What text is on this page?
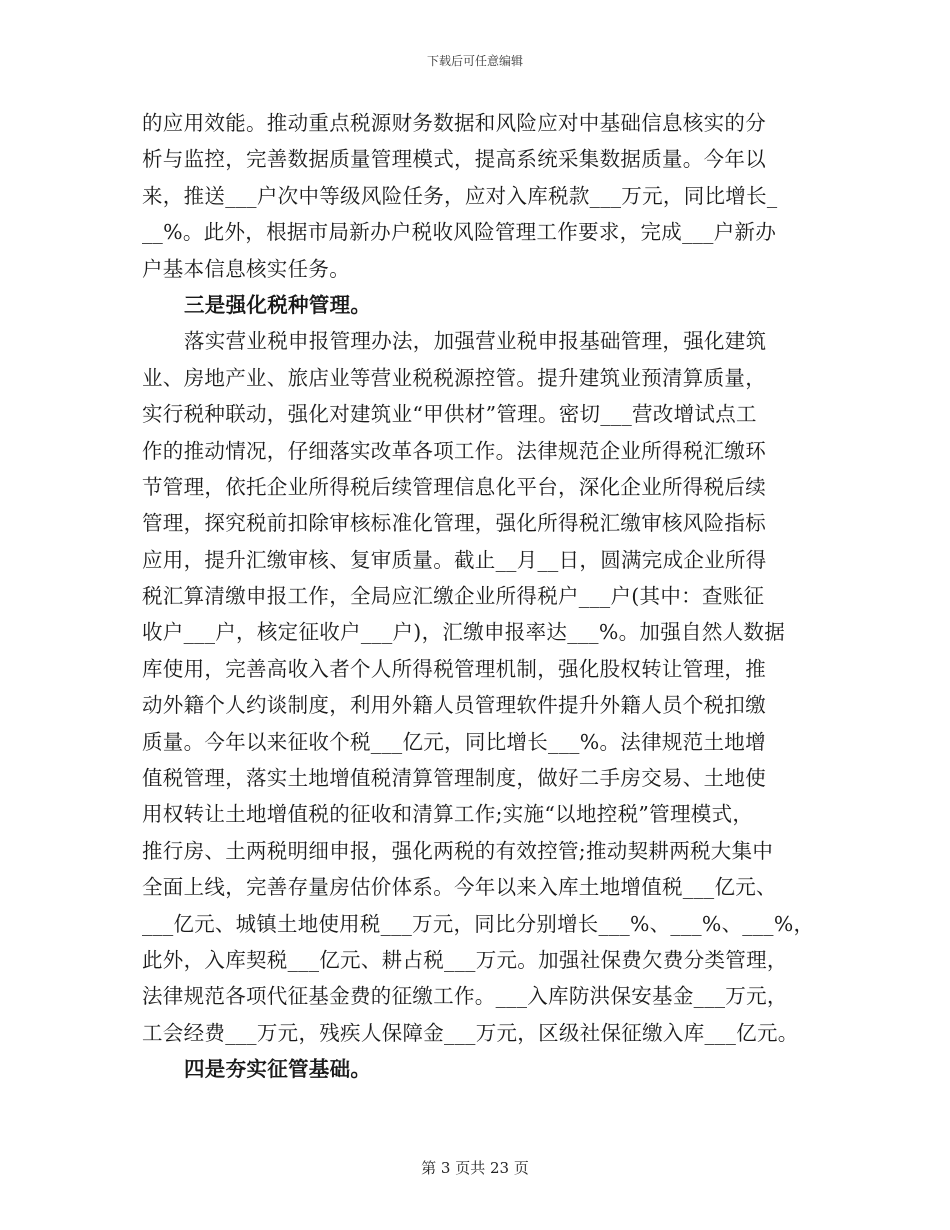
下载后可任意编辑
的应用效能。推动重点税源财务数据和风险应对中基础信息核实的分
析与监控，完善数据质量管理模式，提高系统采集数据质量。今年以
来，推送___户次中等级风险任务，应对入库税款___万元，同比增长_
__%。此外，根据市局新办户税收风险管理工作要求，完成___户新办
户基本信息核实任务。
三是强化税种管理。
落实营业税申报管理办法，加强营业税申报基础管理，强化建筑
业、房地产业、旅店业等营业税税源控管。提升建筑业预清算质量，
实行税种联动，强化对建筑业“甲供材”管理。密切___营改增试点工
作的推动情况，仔细落实改革各项工作。法律规范企业所得税汇缴环
节管理，依托企业所得税后续管理信息化平台，深化企业所得税后续
管理，探究税前扣除审核标准化管理，强化所得税汇缴审核风险指标
应用，提升汇缴审核、复审质量。截止__月__日，圆满完成企业所得
税汇算清缴申报工作，全局应汇缴企业所得税户___户(其中：查账征
收户___户，核定征收户___户)，汇缴申报率达___%。加强自然人数据
库使用，完善高收入者个人所得税管理机制，强化股权转让管理，推
动外籍个人约谈制度，利用外籍人员管理软件提升外籍人员个税扣缴
质量。今年以来征收个税___亿元，同比增长___%。法律规范土地增
值税管理，落实土地增值税清算管理制度，做好二手房交易、土地使
用权转让土地增值税的征收和清算工作;实施“以地控税”管理模式，
推行房、土两税明细申报，强化两税的有效控管;推动契耕两税大集中
全面上线，完善存量房估价体系。今年以来入库土地增值税___亿元、
___亿元、城镇土地使用税___万元，同比分别增长___%、___%、___%，
此外，入库契税___亿元、耕占税___万元。加强社保费欠费分类管理，
法律规范各项代征基金费的征缴工作。___入库防洪保安基金___万元，
工会经费___万元，残疾人保障金___万元，区级社保征缴入库___亿元。
四是夯实征管基础。
第 3 页共 23 页
